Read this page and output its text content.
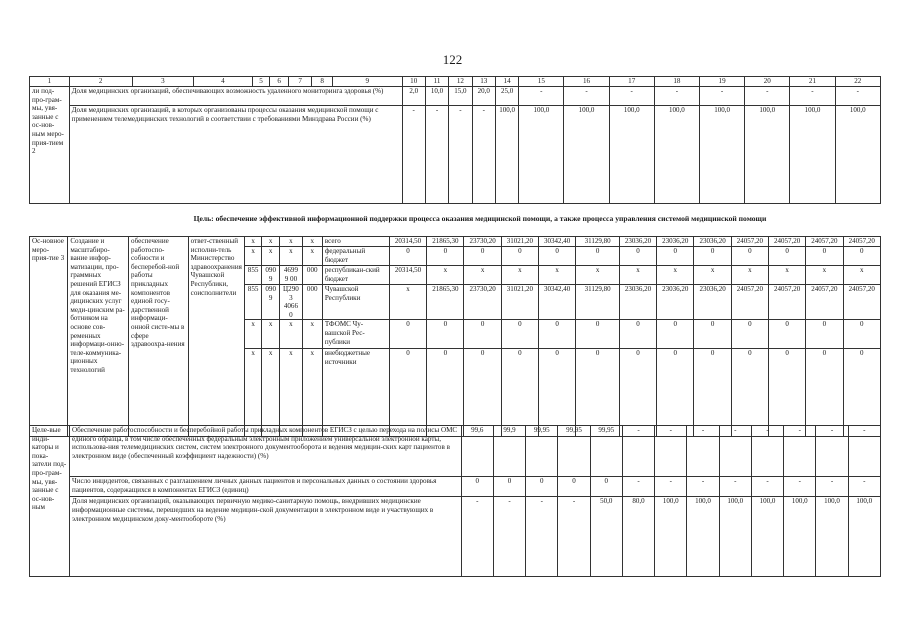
122
1	2	3	4	5	6	7	8	9	10	11	12	13	14	15	16	17	18	19	20	21	22
ли под-про-грам-мы, увя-занные с ос-нов-ным меро-прия-тием 2	Доля медицинских организаций, обеспечивающих возможность удаленного мониторинга здоровья (%)								2,0	10,0	15,0	20,0	25,0	-	-	-	-	-	-	-	-
	Доля медицинских организаций, в которых организованы процессы оказания медицинской помощи с применением телемедицинских технологий в соответствии с требованиями Минздрава России (%)								-	-	-	-	100,0	100,0	100,0	100,0	100,0	100,0	100,0	100,0	100,0
Цель: обеспечение эффективной информационной поддержки процесса оказания медицинской помощи, а также процесса управления системой медицинской помощи
Ос-новное меро-прия-тие 3	Создание и масштабиро-вание инфор-матизации, про-граммных решений ЕГИСЗ для оказания ме-дицинских услуг меди-цинским ра-ботником на основе сов-ременных информаци-онно-теле-коммуника-ционных технологий	обеспечение работоспо-собности и бесперебой-ной работы прикладных компонентов единой госу-дарственной информаци-онной систе-мы в сфере здравоохра-нения	ответ-ственный исполни-тель Министерство здравоохранения Чувашской Республики, соисполнители	x	x	x	x	всего	20314,50	21865,30	23730,20	31021,20	30342,40	31129,80	23036,20	23036,20	23036,20	24057,20	24057,20	24057,20	24057,20
				x	x	x	x	федеральный бюджет	0	0	0	0	0	0	0	0	0	0	0	0	0
				855	0909	46999 00	000	республикан-ский бюджет	20314,50	x	x	x	x	x	x	x	x	x	x	x	x
				855	0909	Ц2903 40660	000	Чувашской Республики	x	21865,30	23730,20	31021,20	30342,40	31129,80	23036,20	23036,20	23036,20	24057,20	24057,20	24057,20	24057,20
				x	x	x	x	ТФОМС Чу-вашской Рес-публики	0	0	0	0	0	0	0	0	0	0	0	0	0
				x	x	x	x	внебюджетные источники	0	0	0	0	0	0	0	0	0	0	0	0	0
Целе-вые инди-каторы и пока-затели под-про-грам-мы, увя-занные с ос-нов-ным	Обеспечение работоспособности и бесперебойной работы прикладных компонентов ЕГИСЗ с целью перехода на полисы ОМС единого образца, в том числе обеспеченных федеральным электронным приложением универсальной электронной карты, использова-ния телемедицинских систем, систем электронного документооборота и ведения медицин-ских карт пациентов в электронном виде (обеспеченный коэффициент надежности) (%)	99,6	99,9	99,95	99,95	99,95	-	-	-	-	-	-	-	-
	Число инцидентов, связанных с разглашением личных данных пациентов и персональных данных о состоянии здоровья пациентов, содержащихся в компонентах ЕГИСЗ (единиц)	0	0	0	0	0	-	-	-	-	-	-	-	-
	Доля медицинских организаций, оказывающих первичную медико-санитарную помощь, внедривших медицинские информационные системы, перешедших на ведение медицин-ской документации в электронном виде и участвующих в электронном медицинском доку-ментообороте (%)	-	-	-	-	50,0	80,0	100,0	100,0	100,0	100,0	100,0	100,0	100,0
